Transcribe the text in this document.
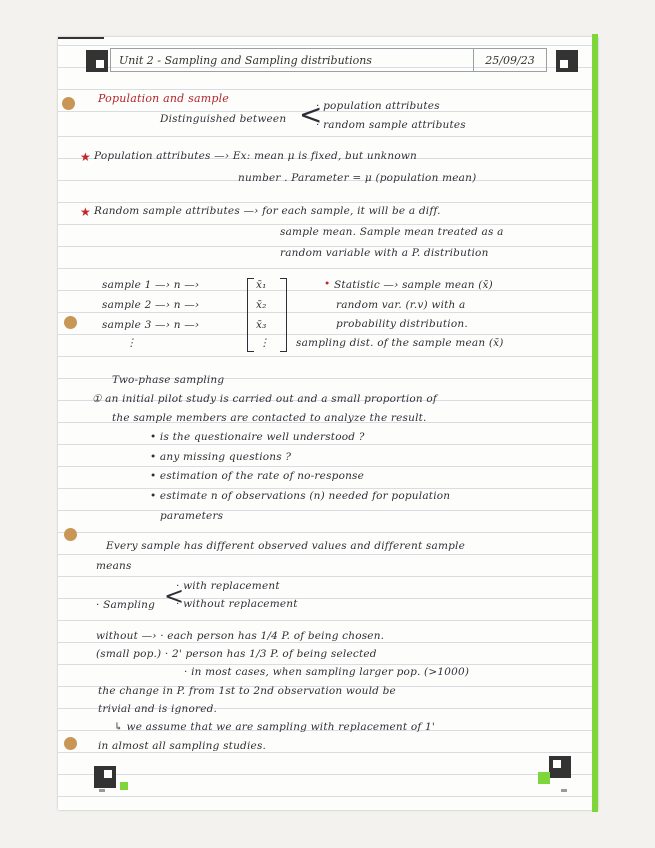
Unit 2 - Sampling and Sampling distributions	25/09/23
Population and sample
Distinguished between
· population attributes
· random sample attributes
<
★ Population attributes —› Ex: mean μ is fixed, but unknown
number . Parameter = μ (population mean)
★ Random sample attributes —› for each sample, it will be a diff.
sample mean. Sample mean treated as a
random variable with a P. distribution
sample 1 —› n —›
sample 2 —› n —›
sample 3 —› n —›
⋮
x̄₁
x̄₂
x̄₃
⋮
• Statistic —› sample mean (x̄)
random var. (r.v) with a
probability distribution.
sampling dist. of the sample mean (x̄)
Two-phase sampling
① an initial pilot study is carried out and a small proportion of
the sample members are contacted to analyze the result.
• is the questionaire well understood ?
• any missing questions ?
• estimation of the rate of no-response
• estimate n of observations (n) needed for population
parameters
Every sample has different observed values and different sample
means
· with replacement
· Sampling <
· without replacement
without —› · each person has 1/4 P. of being chosen.
(small pop.) · 2' person has 1/3 P. of being selected
· in most cases, when sampling larger pop. (>1000)
the change in P. from 1st to 2nd observation would be
trivial and is ignored.
↳ we assume that we are sampling with replacement of 1'
in almost all sampling studies.
